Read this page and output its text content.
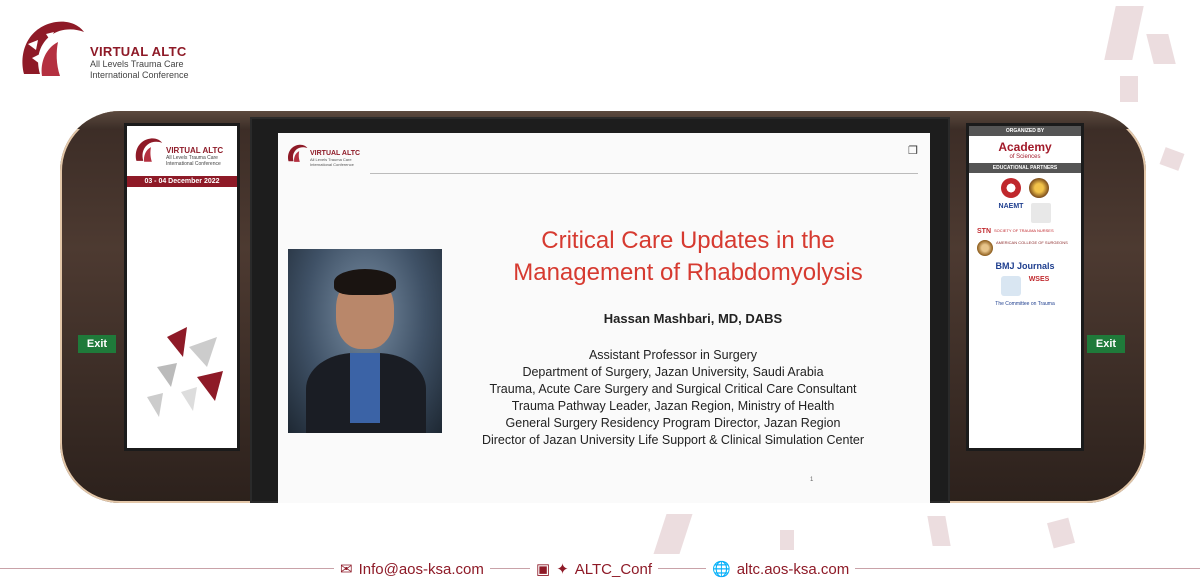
VIRTUAL ALTC
All Levels Trauma Care
International Conference
Exit	Exit
VIRTUAL ALTC
All Levels Trauma Care
International Conference
03 - 04 December 2022
ORGANIZED BY
Academy
of Sciences
EDUCATIONAL PARTNERS
NAEMT
STN SOCIETY OF TRAUMA NURSES
AMERICAN COLLEGE OF SURGEONS
BMJ Journals
WSES
The Committee on Trauma
VIRTUAL ALTC
All Levels Trauma Care
International Conference
❐
Critical Care Updates in the
Management of Rhabdomyolysis
Hassan Mashbari, MD, DABS
Assistant Professor in Surgery
Department of Surgery, Jazan University, Saudi Arabia
Trauma, Acute Care Surgery and Surgical Critical Care Consultant
Trauma Pathway Leader, Jazan Region, Ministry of Health
General Surgery Residency Program Director, Jazan Region
Director of Jazan University Life Support & Clinical Simulation Center
1
✉ Info@aos-ksa.com	▣ ✦ ALTC_Conf	🌐 altc.aos-ksa.com
